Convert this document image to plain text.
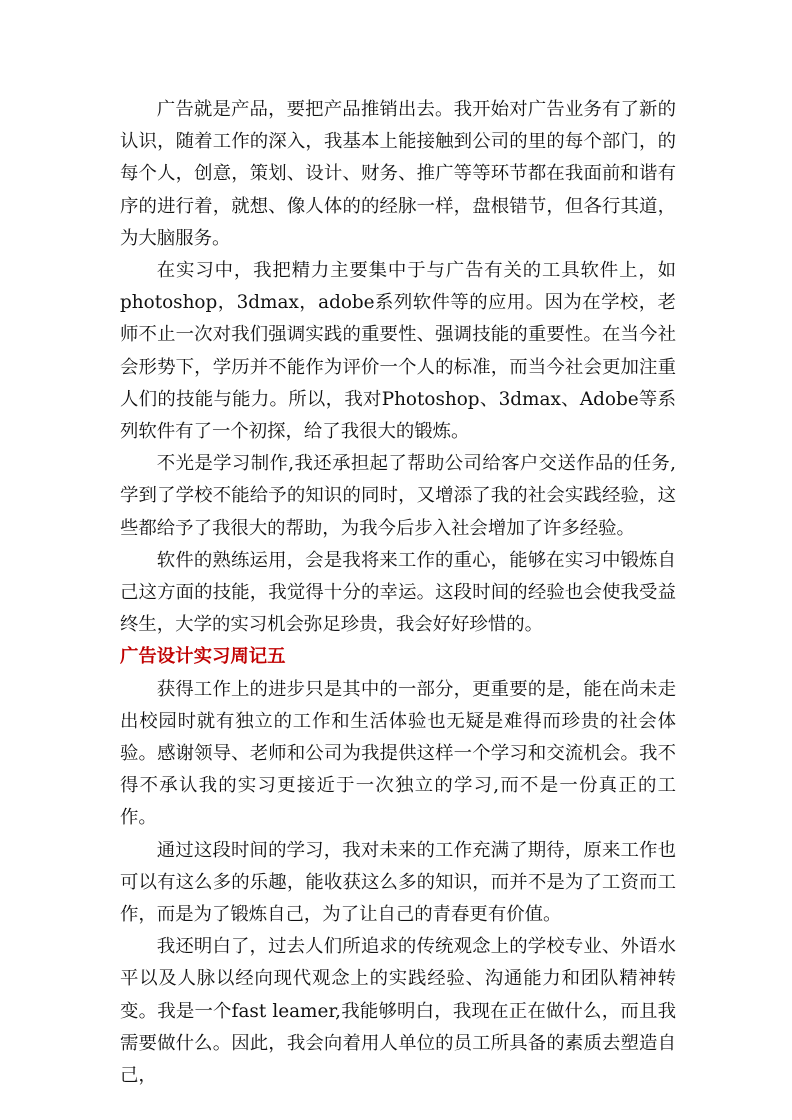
广告就是产品，要把产品推销出去。我开始对广告业务有了新的认识，随着工作的深入，我基本上能接触到公司的里的每个部门，的每个人，创意，策划、设计、财务、推广等等环节都在我面前和谐有序的进行着，就想、像人体的的经脉一样，盘根错节，但各行其道，为大脑服务。

在实习中，我把精力主要集中于与广告有关的工具软件上，如photoshop，3dmax，adobe系列软件等的应用。因为在学校，老师不止一次对我们强调实践的重要性、强调技能的重要性。在当今社会形势下，学历并不能作为评价一个人的标准，而当今社会更加注重人们的技能与能力。所以，我对Photoshop、3dmax、Adobe等系列软件有了一个初探，给了我很大的锻炼。

不光是学习制作,我还承担起了帮助公司给客户交送作品的任务,学到了学校不能给予的知识的同时，又增添了我的社会实践经验，这些都给予了我很大的帮助，为我今后步入社会增加了许多经验。

软件的熟练运用，会是我将来工作的重心，能够在实习中锻炼自己这方面的技能，我觉得十分的幸运。这段时间的经验也会使我受益终生，大学的实习机会弥足珍贵，我会好好珍惜的。

广告设计实习周记五

获得工作上的进步只是其中的一部分，更重要的是，能在尚未走出校园时就有独立的工作和生活体验也无疑是难得而珍贵的社会体验。感谢领导、老师和公司为我提供这样一个学习和交流机会。我不得不承认我的实习更接近于一次独立的学习,而不是一份真正的工作。

通过这段时间的学习，我对未来的工作充满了期待，原来工作也可以有这么多的乐趣，能收获这么多的知识，而并不是为了工资而工作，而是为了锻炼自己，为了让自己的青春更有价值。

我还明白了，过去人们所追求的传统观念上的学校专业、外语水平以及人脉以经向现代观念上的实践经验、沟通能力和团队精神转变。我是一个fast leamer,我能够明白，我现在正在做什么，而且我需要做什么。因此，我会向着用人单位的员工所具备的素质去塑造自己，
